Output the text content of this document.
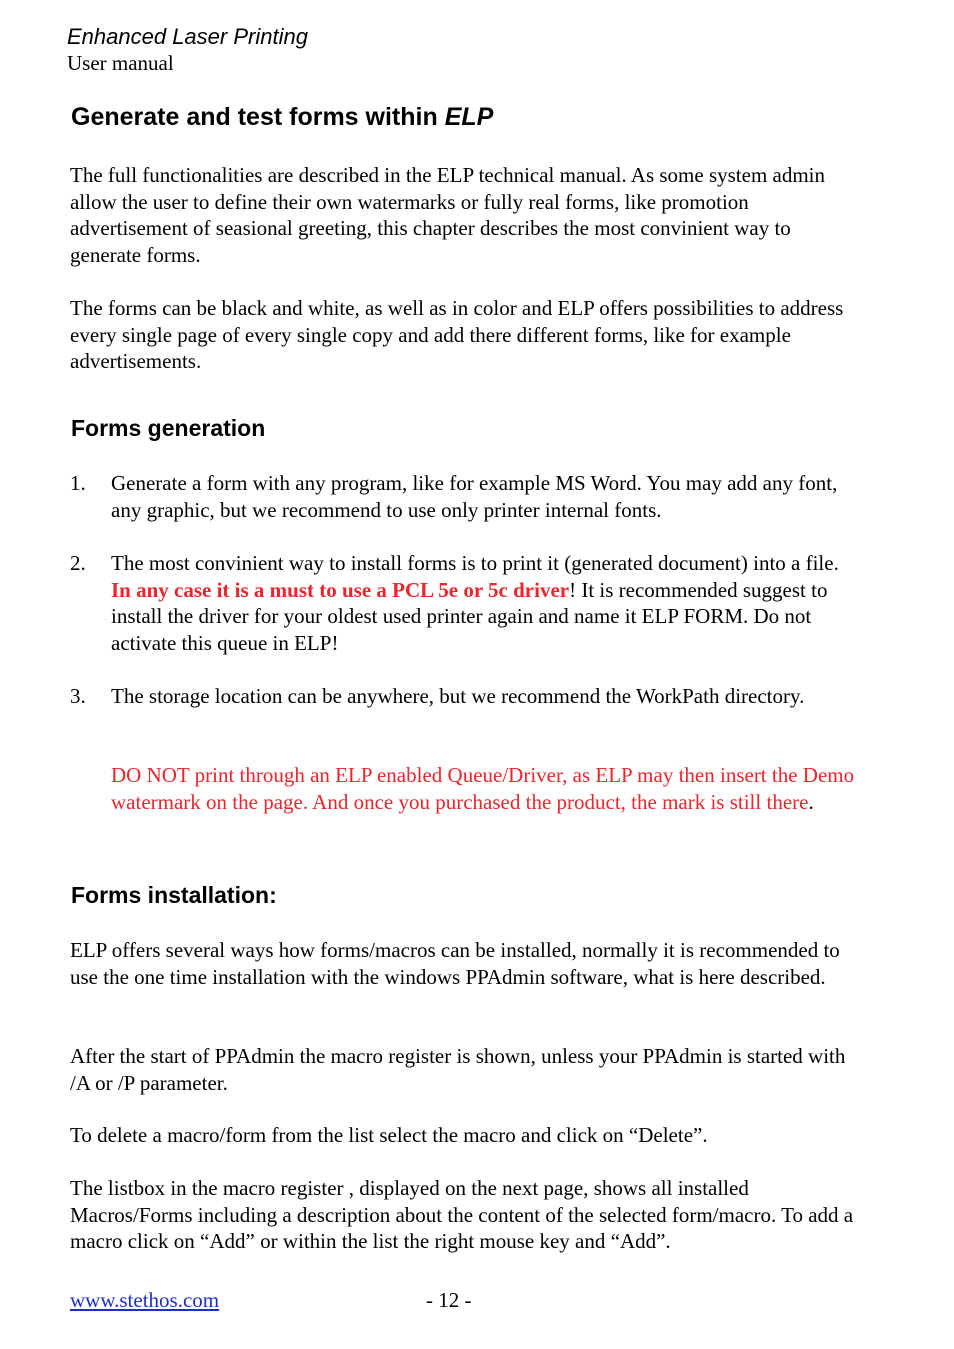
Enhanced Laser Printing
User manual
Generate and test forms within ELP

The full functionalities are described in the ELP technical manual. As some system admin allow the user to define their own watermarks or fully real forms, like promotion advertisement of seasional greeting, this chapter describes the most convinient way to generate forms.

The forms can be black and white, as well as in color and ELP offers possibilities to address every single page of every single copy and add there different forms, like for example advertisements.

Forms generation
1. Generate a form with any program, like for example MS Word. You may add any font, any graphic, but we recommend to use only printer internal fonts.

2. The most convinient way to install forms is to print it (generated document) into a file. In any case it is a must to use a PCL 5e or 5c driver! It is recommended suggest to install the driver for your oldest used printer again and name it ELP FORM. Do not activate this queue in ELP!

3. The storage location can be anywhere, but we recommend the WorkPath directory.

DO NOT print through an ELP enabled Queue/Driver, as ELP may then insert the Demo watermark on the page. And once you purchased the product, the mark is still there.

Forms installation:

ELP offers several ways how forms/macros can be installed, normally it is recommended to use the one time installation with the windows PPAdmin software, what is here described.

After the start of PPAdmin the macro register is shown, unless your PPAdmin is started with /A or /P parameter.

To delete a macro/form from the list select the macro and click on “Delete”.

The listbox in the macro register , displayed on the next page, shows all installed Macros/Forms including a description about the content of the selected form/macro. To add a macro click on “Add” or within the list the right mouse key and “Add”.

www.stethos.com	- 12 -
